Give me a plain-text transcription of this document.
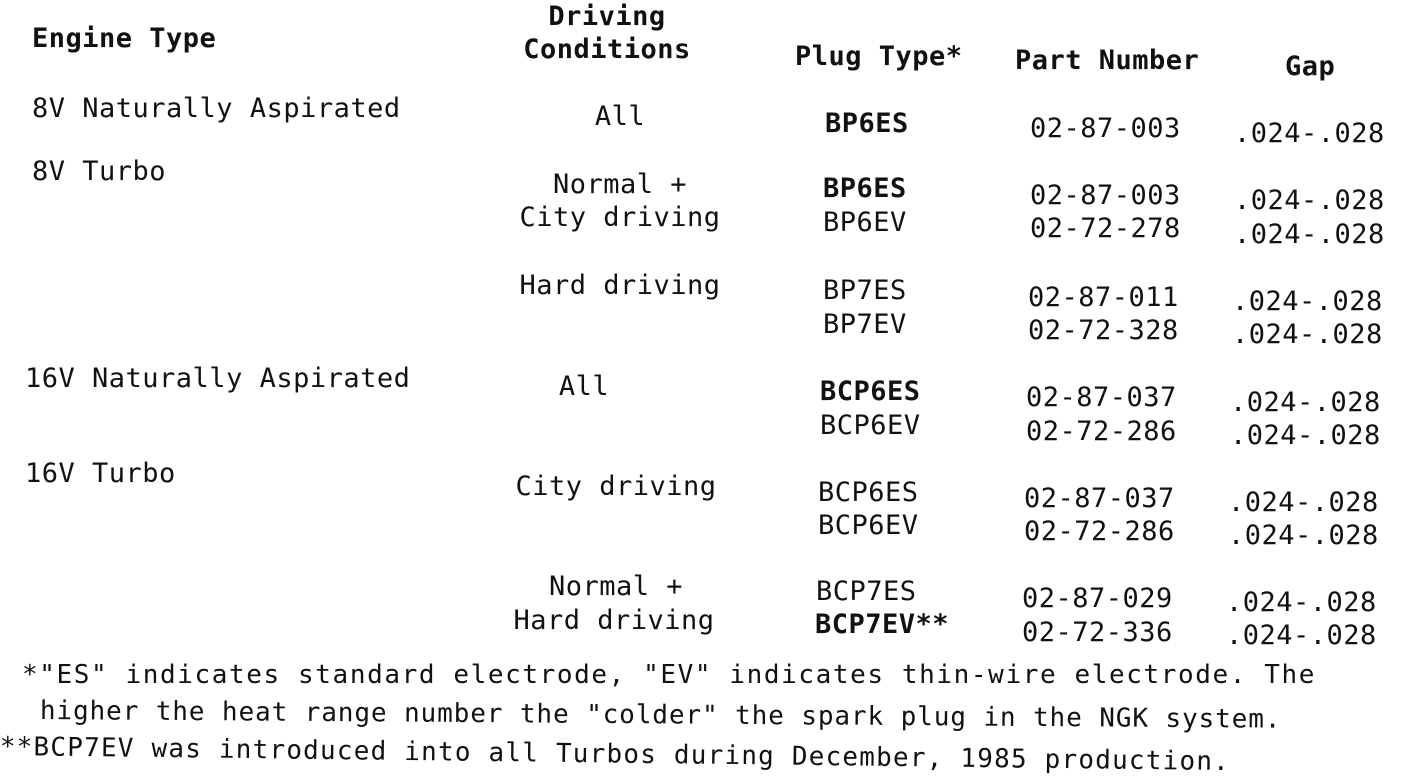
Engine Type
Driving
Conditions	Plug Type* Part Number	Gap
8V Naturally Aspirated
8V Turbo
16V Naturally Aspirated
16V Turbo
All
Normal +
City driving
Hard driving
All
City driving
Normal +
Hard driving
BP6ES
BP6ES
BP6EV
BP7ES
BP7EV
BCP6ES
BCP6EV
BCP6ES
BCP6EV
BCP7ES
BCP7EV**
02-87-003
02-87-003
02-72-278
02-87-011
02-72-328
02-87-037
02-72-286
02-87-037
02-72-286
02-87-029
02-72-336
.024-.028
.024-.028
.024-.028
.024-.028
.024-.028
.024-.028
.024-.028
.024-.028
.024-.028
.024-.028
.024-.028
*"ES" indicates standard electrode, "EV" indicates thin-wire electrode. The
higher the heat range number the "colder" the spark plug in the NGK system.
**BCP7EV was introduced into all Turbos during December, 1985 production.
